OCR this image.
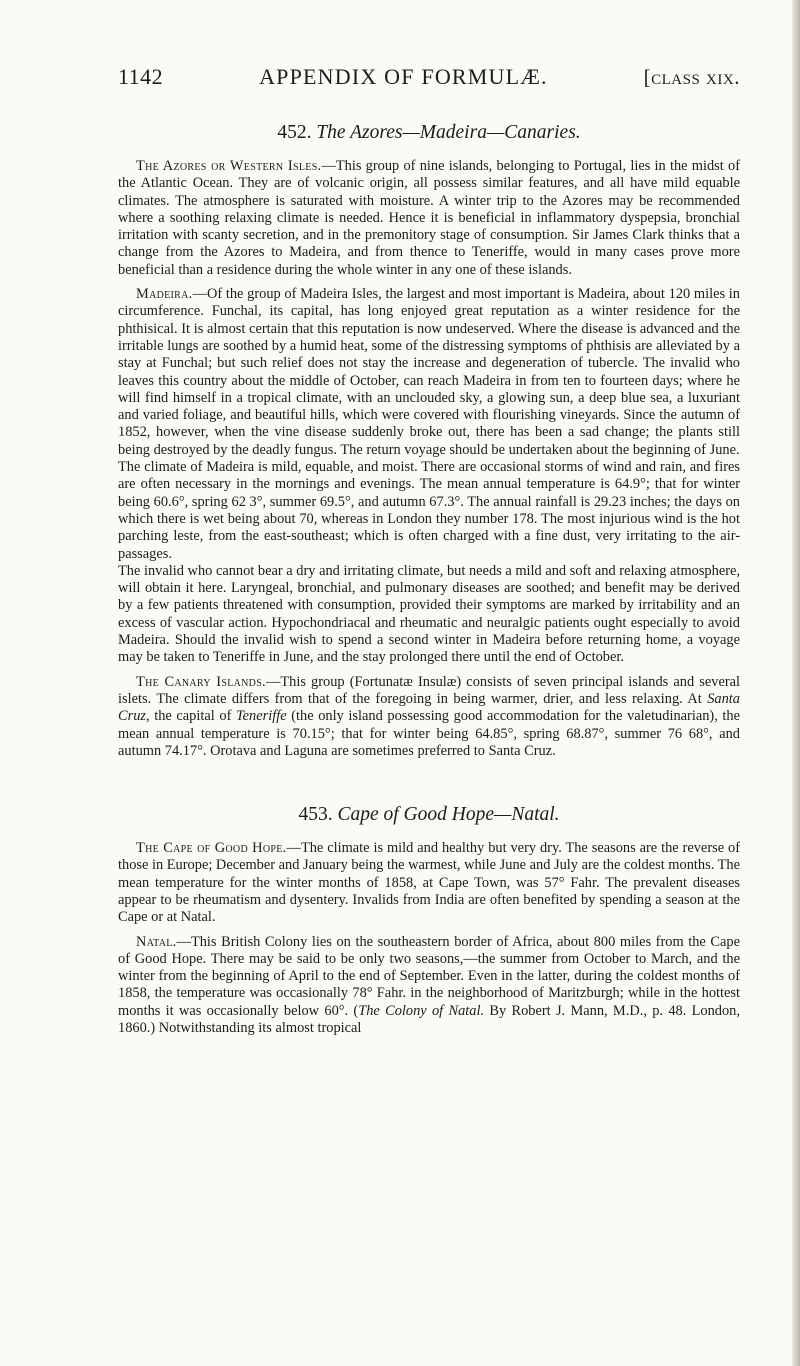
1142	APPENDIX OF FORMULÆ.	[class xix.
452. The Azores—Madeira—Canaries.

The Azores or Western Isles.—This group of nine islands, belonging to Portugal, lies in the midst of the Atlantic Ocean. They are of volcanic origin, all possess similar features, and all have mild equable climates. The atmosphere is saturated with moisture. A winter trip to the Azores may be recommended where a soothing relaxing climate is needed. Hence it is beneficial in inflammatory dyspepsia, bronchial irritation with scanty secretion, and in the premonitory stage of consumption. Sir James Clark thinks that a change from the Azores to Madeira, and from thence to Teneriffe, would in many cases prove more beneficial than a residence during the whole winter in any one of these islands.

Madeira.—Of the group of Madeira Isles, the largest and most important is Madeira, about 120 miles in circumference. Funchal, its capital, has long enjoyed great reputation as a winter residence for the phthisical. It is almost certain that this reputation is now undeserved. Where the disease is advanced and the irritable lungs are soothed by a humid heat, some of the distressing symptoms of phthisis are alleviated by a stay at Funchal; but such relief does not stay the increase and degeneration of tubercle. The invalid who leaves this country about the middle of October, can reach Madeira in from ten to fourteen days; where he will find himself in a tropical climate, with an unclouded sky, a glowing sun, a deep blue sea, a luxuriant and varied foliage, and beautiful hills, which were covered with flourishing vineyards. Since the autumn of 1852, however, when the vine disease suddenly broke out, there has been a sad change; the plants still being destroyed by the deadly fungus. The return voyage should be undertaken about the beginning of June.

The climate of Madeira is mild, equable, and moist. There are occasional storms of wind and rain, and fires are often necessary in the mornings and evenings. The mean annual temperature is 64.9°; that for winter being 60.6°, spring 62 3°, summer 69.5°, and autumn 67.3°. The annual rainfall is 29.23 inches; the days on which there is wet being about 70, whereas in London they number 178. The most injurious wind is the hot parching leste, from the east-southeast; which is often charged with a fine dust, very irritating to the air-passages.

The invalid who cannot bear a dry and irritating climate, but needs a mild and soft and relaxing atmosphere, will obtain it here. Laryngeal, bronchial, and pulmonary diseases are soothed; and benefit may be derived by a few patients threatened with consumption, provided their symptoms are marked by irritability and an excess of vascular action. Hypochondriacal and rheumatic and neuralgic patients ought especially to avoid Madeira. Should the invalid wish to spend a second winter in Madeira before returning home, a voyage may be taken to Teneriffe in June, and the stay prolonged there until the end of October.

The Canary Islands.—This group (Fortunatæ Insulæ) consists of seven principal islands and several islets. The climate differs from that of the foregoing in being warmer, drier, and less relaxing. At Santa Cruz, the capital of Teneriffe (the only island possessing good accommodation for the valetudinarian), the mean annual temperature is 70.15°; that for winter being 64.85°, spring 68.87°, summer 76 68°, and autumn 74.17°. Orotava and Laguna are sometimes preferred to Santa Cruz.

453. Cape of Good Hope—Natal.

The Cape of Good Hope.—The climate is mild and healthy but very dry. The seasons are the reverse of those in Europe; December and January being the warmest, while June and July are the coldest months. The mean temperature for the winter months of 1858, at Cape Town, was 57° Fahr. The prevalent diseases appear to be rheumatism and dysentery. Invalids from India are often benefited by spending a season at the Cape or at Natal.

Natal.—This British Colony lies on the southeastern border of Africa, about 800 miles from the Cape of Good Hope. There may be said to be only two seasons,—the summer from October to March, and the winter from the beginning of April to the end of September. Even in the latter, during the coldest months of 1858, the temperature was occasionally 78° Fahr. in the neighborhood of Maritzburgh; while in the hottest months it was occasionally below 60°. (The Colony of Natal. By Robert J. Mann, M.D., p. 48. London, 1860.) Notwithstanding its almost tropical
